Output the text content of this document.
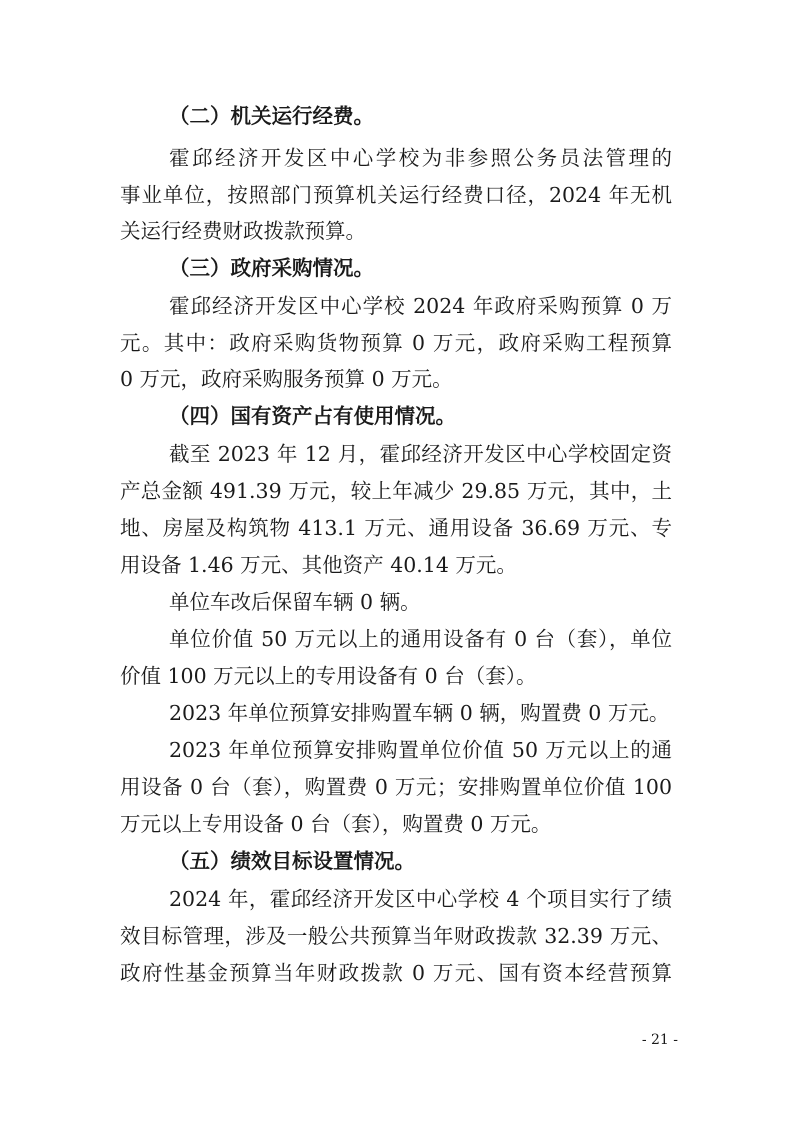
（二）机关运行经费。
霍邱经济开发区中心学校为非参照公务员法管理的
事业单位，按照部门预算机关运行经费口径，2024 年无机
关运行经费财政拨款预算。
（三）政府采购情况。
霍邱经济开发区中心学校 2024 年政府采购预算 0 万
元。其中：政府采购货物预算 0 万元，政府采购工程预算
0 万元，政府采购服务预算 0 万元。
（四）国有资产占有使用情况。
截至 2023 年 12 月，霍邱经济开发区中心学校固定资
产总金额 491.39 万元，较上年减少 29.85 万元，其中，土
地、房屋及构筑物 413.1 万元、通用设备 36.69 万元、专
用设备 1.46 万元、其他资产 40.14 万元。
单位车改后保留车辆 0 辆。
单位价值 50 万元以上的通用设备有 0 台（套），单位
价值 100 万元以上的专用设备有 0 台（套）。
2023 年单位预算安排购置车辆 0 辆，购置费 0 万元。
2023 年单位预算安排购置单位价值 50 万元以上的通
用设备 0 台（套），购置费 0 万元；安排购置单位价值 100
万元以上专用设备 0 台（套），购置费 0 万元。
（五）绩效目标设置情况。
2024 年，霍邱经济开发区中心学校 4 个项目实行了绩
效目标管理，涉及一般公共预算当年财政拨款 32.39 万元、
政府性基金预算当年财政拨款 0 万元、国有资本经营预算
- 21 -
